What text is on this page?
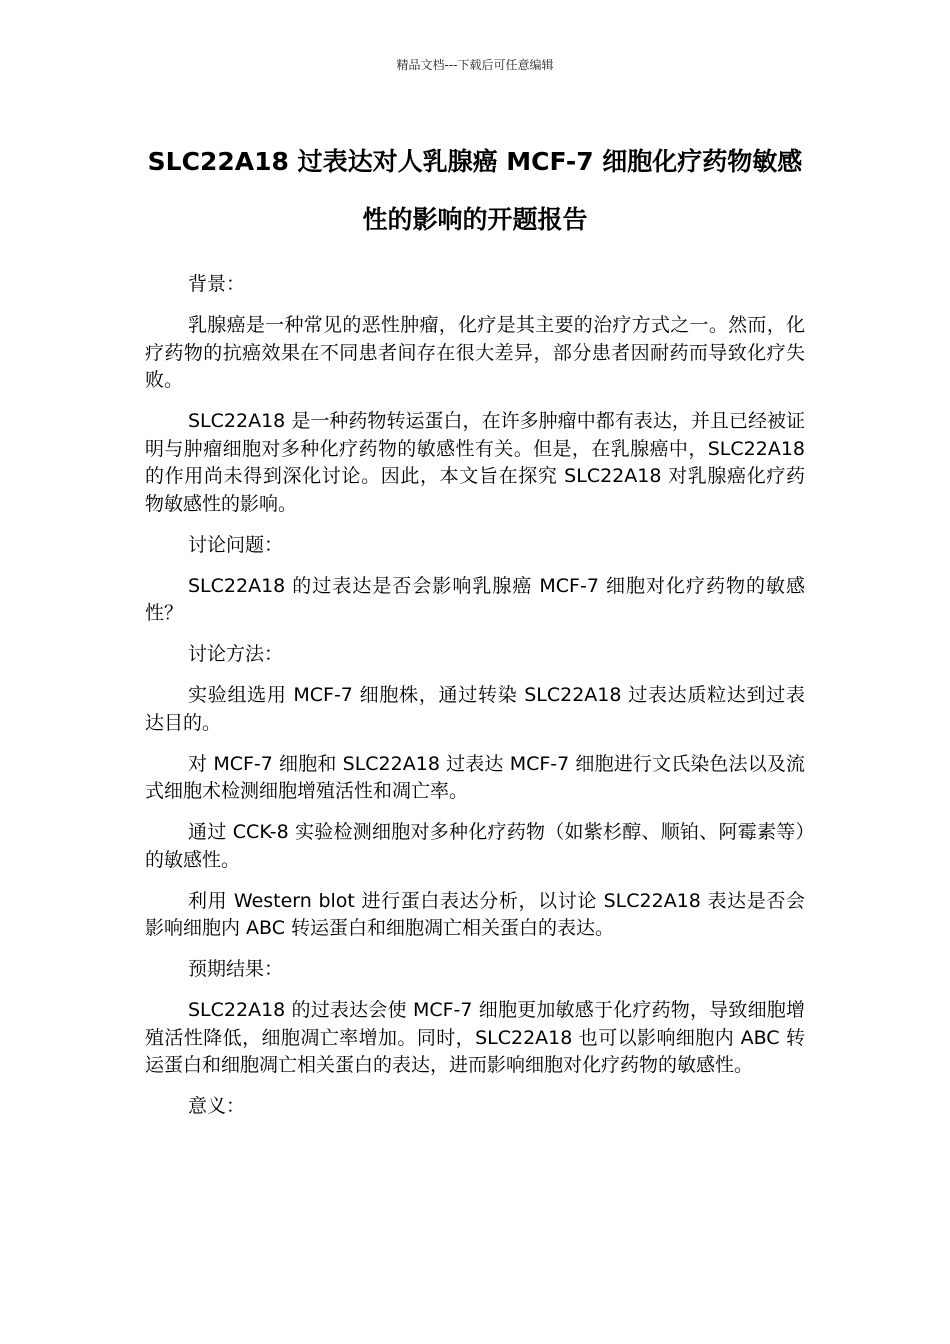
精品文档---下载后可任意编辑
SLC22A18 过表达对人乳腺癌 MCF-7 细胞化疗药物敏感性的影响的开题报告

背景：

乳腺癌是一种常见的恶性肿瘤，化疗是其主要的治疗方式之一。然而，化疗药物的抗癌效果在不同患者间存在很大差异，部分患者因耐药而导致化疗失败。

SLC22A18 是一种药物转运蛋白，在许多肿瘤中都有表达，并且已经被证明与肿瘤细胞对多种化疗药物的敏感性有关。但是，在乳腺癌中，SLC22A18 的作用尚未得到深化讨论。因此，本文旨在探究 SLC22A18 对乳腺癌化疗药物敏感性的影响。

讨论问题：

SLC22A18 的过表达是否会影响乳腺癌 MCF-7 细胞对化疗药物的敏感性？

讨论方法：

实验组选用 MCF-7 细胞株，通过转染 SLC22A18 过表达质粒达到过表达目的。

对 MCF-7 细胞和 SLC22A18 过表达 MCF-7 细胞进行文氏染色法以及流式细胞术检测细胞增殖活性和凋亡率。

通过 CCK-8 实验检测细胞对多种化疗药物（如紫杉醇、顺铂、阿霉素等）的敏感性。

利用 Western blot 进行蛋白表达分析，以讨论 SLC22A18 表达是否会影响细胞内 ABC 转运蛋白和细胞凋亡相关蛋白的表达。

预期结果：

SLC22A18 的过表达会使 MCF-7 细胞更加敏感于化疗药物，导致细胞增殖活性降低，细胞凋亡率增加。同时，SLC22A18 也可以影响细胞内 ABC 转运蛋白和细胞凋亡相关蛋白的表达，进而影响细胞对化疗药物的敏感性。

意义：
